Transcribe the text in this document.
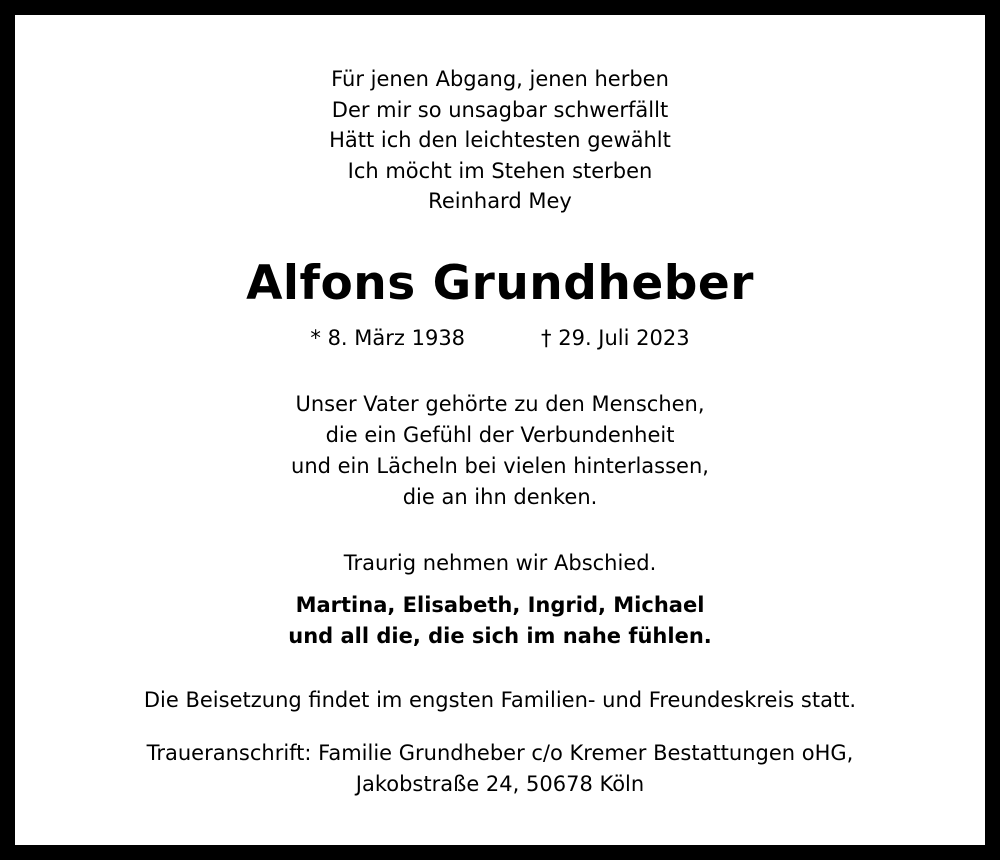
Für jenen Abgang, jenen herben
Der mir so unsagbar schwerfällt
Hätt ich den leichtesten gewählt
Ich möcht im Stehen sterben
Reinhard Mey
Alfons Grundheber
* 8. März 1938	† 29. Juli 2023
Unser Vater gehörte zu den Menschen,
die ein Gefühl der Verbundenheit
und ein Lächeln bei vielen hinterlassen,
die an ihn denken.
Traurig nehmen wir Abschied.
Martina, Elisabeth, Ingrid, Michael
und all die, die sich im nahe fühlen.
Die Beisetzung findet im engsten Familien- und Freundeskreis statt.
Traueranschrift: Familie Grundheber c/o Kremer Bestattungen oHG,
Jakobstraße 24, 50678 Köln
